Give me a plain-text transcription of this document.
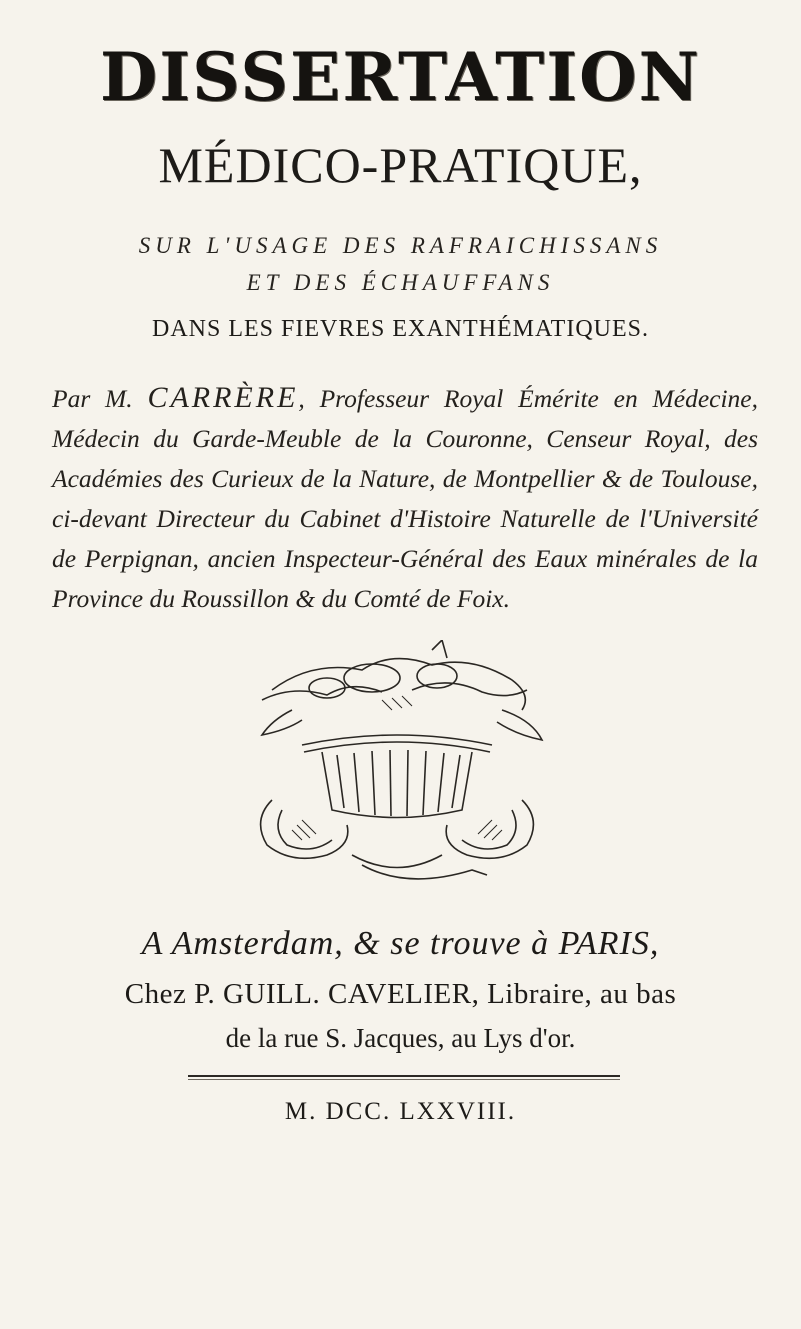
DISSERTATION
MÉDICO-PRATIQUE,
SUR L'USAGE DES RAFRAICHISSANS
ET DES ÉCHAUFFANS
DANS LES FIEVRES EXANTHÉMATIQUES.
Par M. CARRÈRE, Professeur Royal Émérite en Médecine, Médecin du Garde-Meuble de la Couronne, Censeur Royal, des Académies des Curieux de la Nature, de Montpellier & de Toulouse, ci-devant Directeur du Cabinet d'Histoire Naturelle de l'Université de Perpignan, ancien Inspecteur-Général des Eaux minérales de la Province du Roussillon & du Comté de Foix.
A Amsterdam, & se trouve à PARIS,
Chez P. GUILL. CAVELIER, Libraire, au bas
de la rue S. Jacques, au Lys d'or.
M. DCC. LXXVIII.
